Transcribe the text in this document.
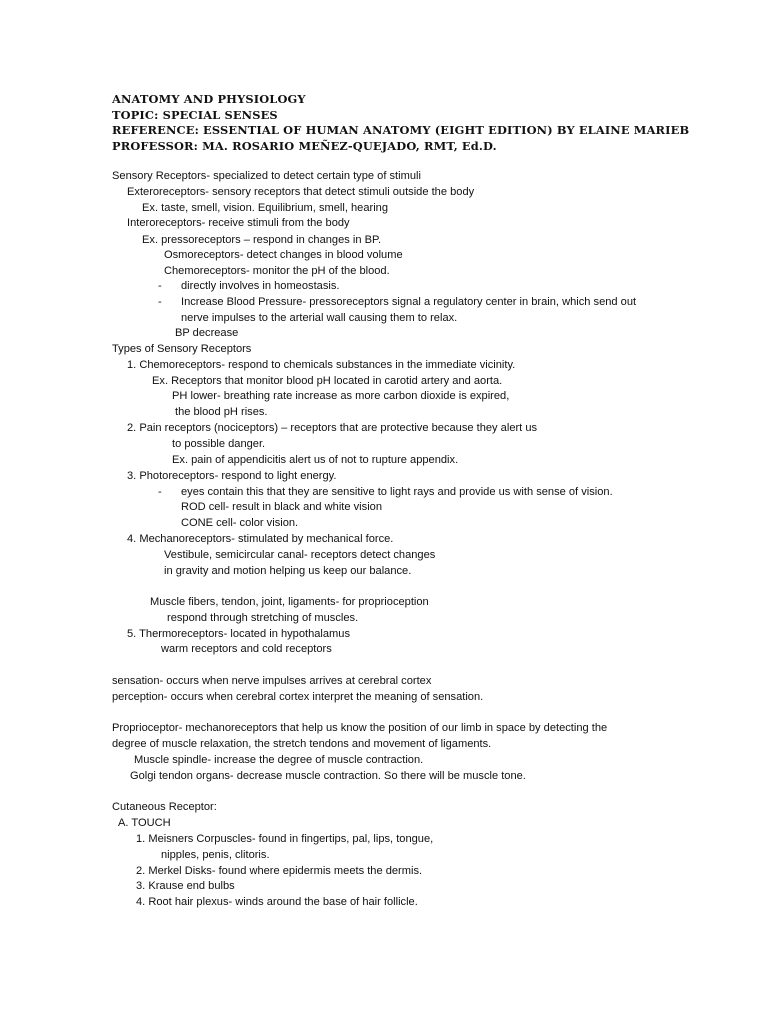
ANATOMY AND PHYSIOLOGY
TOPIC: SPECIAL SENSES
REFERENCE: ESSENTIAL OF HUMAN ANATOMY (EIGHT EDITION) BY ELAINE MARIEB
PROFESSOR: MA. ROSARIO MEÑEZ-QUEJADO, RMT, Ed.D.
Sensory Receptors- specialized to detect certain type of stimuli
Exteroreceptors- sensory receptors that detect stimuli outside the body
Ex. taste, smell, vision. Equilibrium, smell, hearing
Interoreceptors- receive stimuli from the body
Ex. pressoreceptors – respond in changes in BP.
Osmoreceptors- detect changes in blood volume
Chemoreceptors- monitor the pH of the blood.
- directly involves in homeostasis.
- Increase Blood Pressure- pressoreceptors signal a regulatory center in brain, which send out
nerve impulses to the arterial wall causing them to relax.
BP decrease
Types of Sensory Receptors
1. Chemoreceptors- respond to chemicals substances in the immediate vicinity.
Ex. Receptors that monitor blood pH located in carotid artery and aorta.
PH lower- breathing rate increase as more carbon dioxide is expired,
the blood pH rises.
2. Pain receptors (nociceptors) – receptors that are protective because they alert us
to possible danger.
Ex. pain of appendicitis alert us of not to rupture appendix.
3. Photoreceptors- respond to light energy.
- eyes contain this that they are sensitive to light rays and provide us with sense of vision.
ROD cell- result in black and white vision
CONE cell- color vision.
4. Mechanoreceptors- stimulated by mechanical force.
Vestibule, semicircular canal- receptors detect changes
in gravity and motion helping us keep our balance.
Muscle fibers, tendon, joint, ligaments- for proprioception
respond through stretching of muscles.
5. Thermoreceptors- located in hypothalamus
warm receptors and cold receptors
sensation- occurs when nerve impulses arrives at cerebral cortex
perception- occurs when cerebral cortex interpret the meaning of sensation.
Proprioceptor- mechanoreceptors that help us know the position of our limb in space by detecting the
degree of muscle relaxation, the stretch tendons and movement of ligaments.
Muscle spindle- increase the degree of muscle contraction.
Golgi tendon organs- decrease muscle contraction. So there will be muscle tone.
Cutaneous Receptor:
A. TOUCH
1. Meisners Corpuscles- found in fingertips, pal, lips, tongue,
nipples, penis, clitoris.
2. Merkel Disks- found where epidermis meets the dermis.
3. Krause end bulbs
4. Root hair plexus- winds around the base of hair follicle.
